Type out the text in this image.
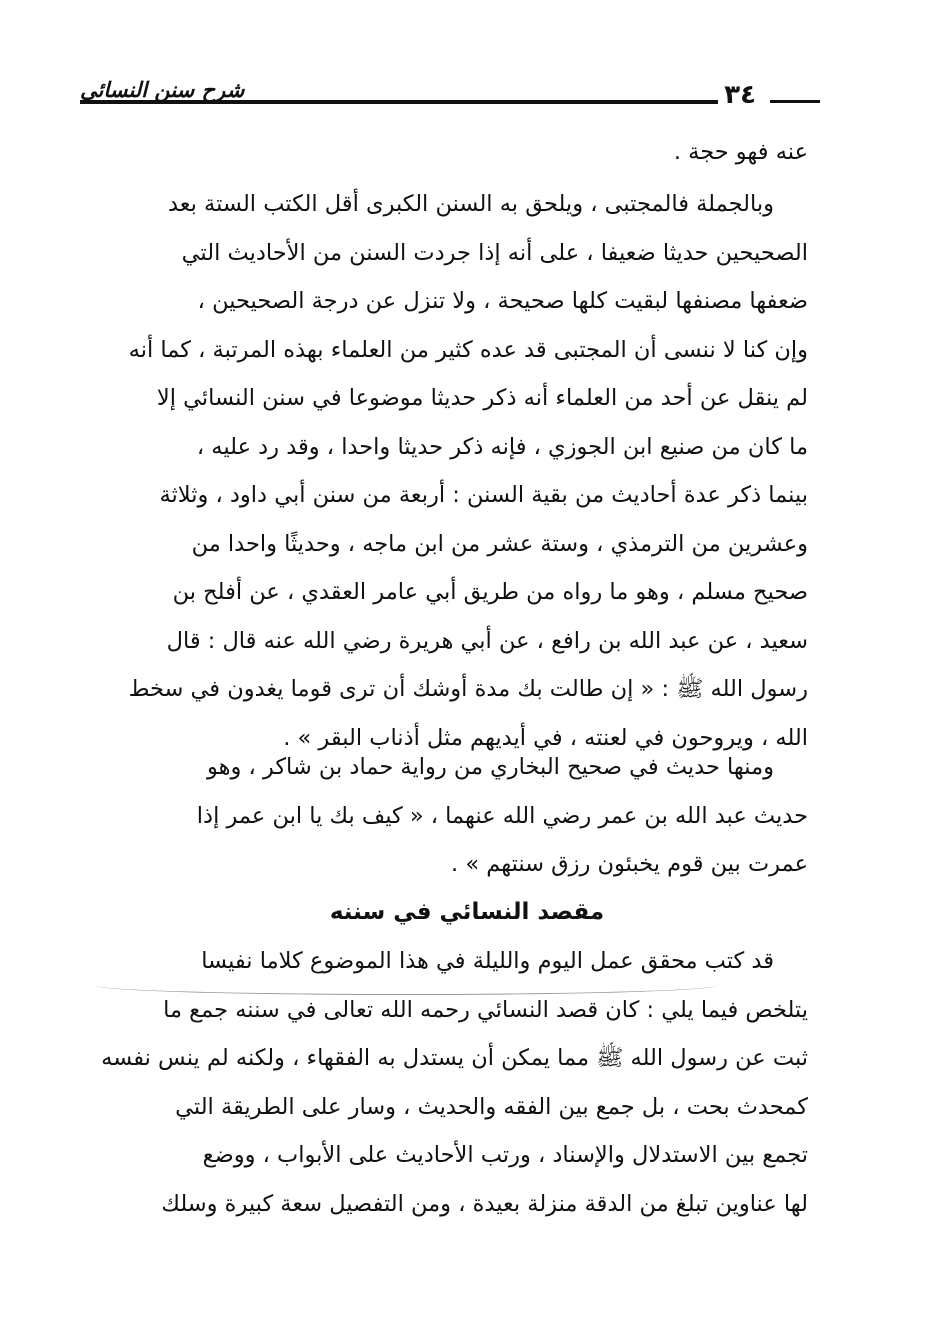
شرح سنن النسائي	٣٤
عنه فهو حجة .
وبالجملة فالمجتبى ، ويلحق به السنن الكبرى أقل الكتب الستة بعد
الصحيحين حديثا ضعيفا ، على أنه إذا جردت السنن من الأحاديث التي
ضعفها مصنفها لبقيت كلها صحيحة ، ولا تنزل عن درجة الصحيحين ،
وإن كنا لا ننسى أن المجتبى قد عده كثير من العلماء بهذه المرتبة ، كما أنه
لم ينقل عن أحد من العلماء أنه ذكر حديثا موضوعا في سنن النسائي إلا
ما كان من صنيع ابن الجوزي ، فإنه ذكر حديثا واحدا ، وقد رد عليه ،
بينما ذكر عدة أحاديث من بقية السنن : أربعة من سنن أبي داود ، وثلاثة
وعشرين من الترمذي ، وستة عشر من ابن ماجه ، وحديثًا واحدا من
صحيح مسلم ، وهو ما رواه من طريق أبي عامر العقدي ، عن أفلح بن
سعيد ، عن عبد الله بن رافع ، عن أبي هريرة رضي الله عنه قال : قال
رسول الله ﷺ : « إن طالت بك مدة أوشك أن ترى قوما يغدون في سخط
الله ، ويروحون في لعنته ، في أيديهم مثل أذناب البقر » .
ومنها حديث في صحيح البخاري من رواية حماد بن شاكر ، وهو
حديث عبد الله بن عمر رضي الله عنهما ، « كيف بك يا ابن عمر إذا
عمرت بين قوم يخبئون رزق سنتهم » .
مقصد النسائي في سننه
قد كتب محقق عمل اليوم والليلة في هذا الموضوع كلاما نفيسا
يتلخص فيما يلي : كان قصد النسائي رحمه الله تعالى في سننه جمع ما
ثبت عن رسول الله ﷺ مما يمكن أن يستدل به الفقهاء ، ولكنه لم ينس نفسه
كمحدث بحت ، بل جمع بين الفقه والحديث ، وسار على الطريقة التي
تجمع بين الاستدلال والإسناد ، ورتب الأحاديث على الأبواب ، ووضع
لها عناوين تبلغ من الدقة منزلة بعيدة ، ومن التفصيل سعة كبيرة وسلك
